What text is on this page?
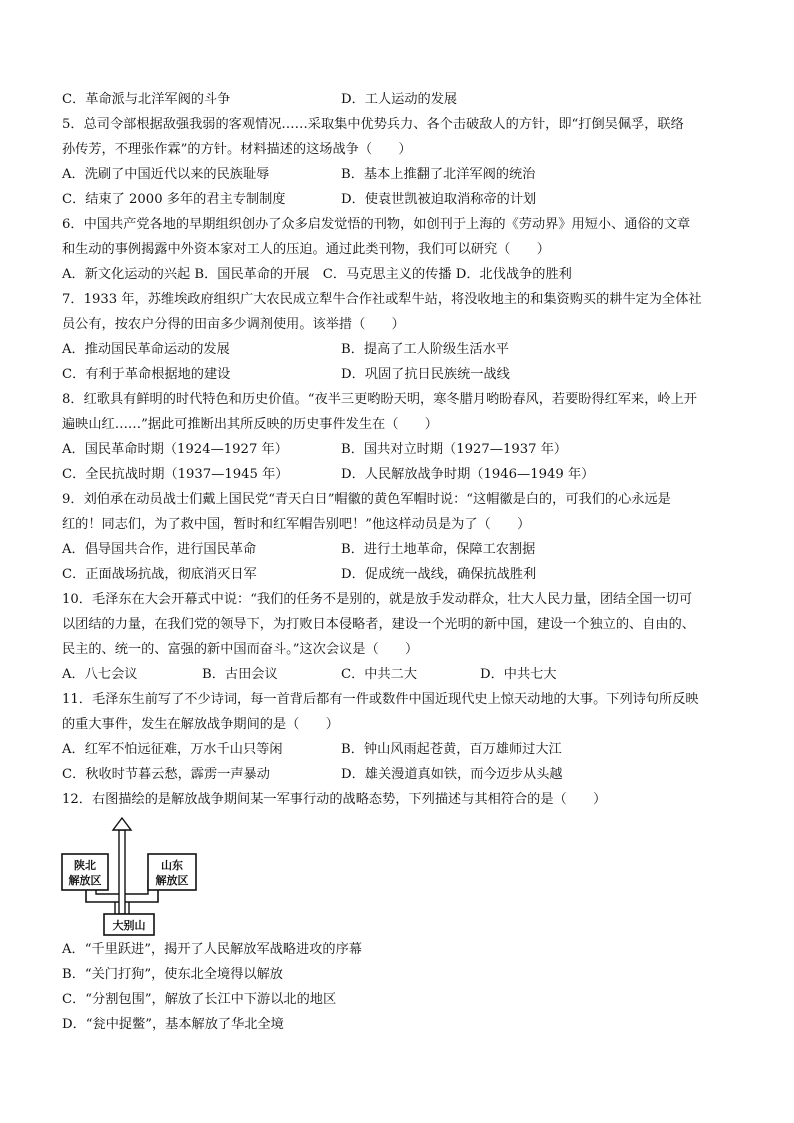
C．革命派与北洋军阀的斗争	D．工人运动的发展
5．总司令部根据敌强我弱的客观情况……采取集中优势兵力、各个击破敌人的方针，即“打倒吴佩孚，联络
孙传芳，不理张作霖”的方针。材料描述的这场战争（　　）
A．洗刷了中国近代以来的民族耻辱	B．基本上推翻了北洋军阀的统治
C．结束了 2000 多年的君主专制制度	D．使袁世凯被迫取消称帝的计划
6．中国共产党各地的早期组织创办了众多启发觉悟的刊物，如创刊于上海的《劳动界》用短小、通俗的文章
和生动的事例揭露中外资本家对工人的压迫。通过此类刊物，我们可以研究（　　）
A．新文化运动的兴起 B．国民革命的开展　C．马克思主义的传播 D．北伐战争的胜利
7．1933 年，苏维埃政府组织广大农民成立犁牛合作社或犁牛站，将没收地主的和集资购买的耕牛定为全体社
员公有，按农户分得的田亩多少调剂使用。该举措（　　）
A．推动国民革命运动的发展	B．提高了工人阶级生活水平
C．有利于革命根据地的建设	D．巩固了抗日民族统一战线
8．红歌具有鲜明的时代特色和历史价值。“夜半三更哟盼天明，寒冬腊月哟盼春风，若要盼得红军来，岭上开
遍映山红……”据此可推断出其所反映的历史事件发生在（　　）
A．国民革命时期（1924—1927 年）	B．国共对立时期（1927—1937 年）
C．全民抗战时期（1937—1945 年）	D．人民解放战争时期（1946—1949 年）
9．刘伯承在动员战士们戴上国民党“青天白日”帽徽的黄色军帽时说：“这帽徽是白的，可我们的心永远是
红的！同志们，为了救中国，暂时和红军帽告别吧！”他这样动员是为了（　　）
A．倡导国共合作，进行国民革命	B．进行土地革命，保障工农割据
C．正面战场抗战，彻底消灭日军	D．促成统一战线，确保抗战胜利
10．毛泽东在大会开幕式中说：“我们的任务不是别的，就是放手发动群众，壮大人民力量，团结全国一切可
以团结的力量，在我们党的领导下，为打败日本侵略者，建设一个光明的新中国，建设一个独立的、自由的、
民主的、统一的、富强的新中国而奋斗。”这次会议是（　　）
A．八七会议	B．古田会议	C．中共二大	D．中共七大
11．毛泽东生前写了不少诗词，每一首背后都有一件或数件中国近现代史上惊天动地的大事。下列诗句所反映
的重大事件，发生在解放战争期间的是（　　）
A．红军不怕远征难，万水千山只等闲	B．钟山风雨起苍黄，百万雄师过大江
C．秋收时节暮云愁，霹雳一声暴动	D．雄关漫道真如铁，而今迈步从头越
12．右图描绘的是解放战争期间某一军事行动的战略态势，下列描述与其相符合的是（　　）
陕北
解放区
山东
解放区
大别山
A．“千里跃进”，揭开了人民解放军战略进攻的序幕
B．“关门打狗”，使东北全境得以解放
C．“分割包围”，解放了长江中下游以北的地区
D．“瓮中捉鳖”，基本解放了华北全境
